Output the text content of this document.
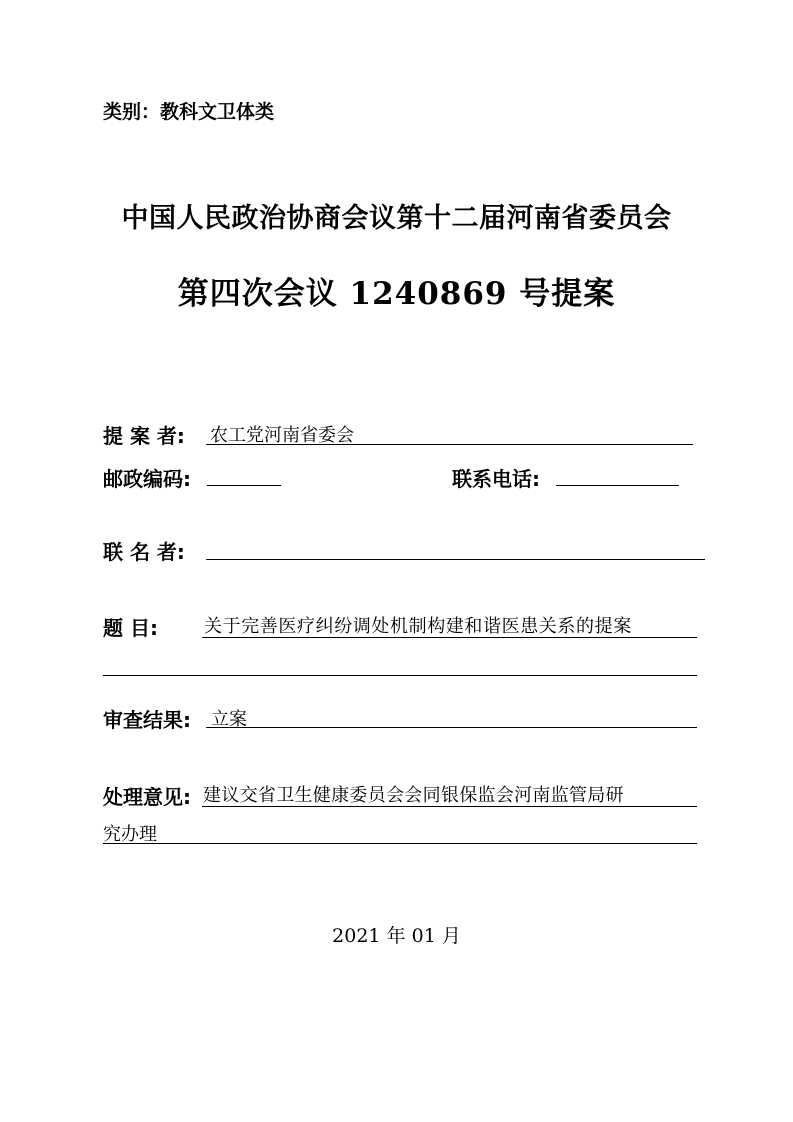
类别：教科文卫体类
中国人民政治协商会议第十二届河南省委员会
第四次会议 1240869 号提案
提 案 者: 农工党河南省委会
邮政编码:	联系电话:
联 名 者:
题 目:	关于完善医疗纠纷调处机制构建和谐医患关系的提案
审查结果: 立案
处理意见: 建议交省卫生健康委员会会同银保监会河南监管局研
究办理
2021 年 01 月
